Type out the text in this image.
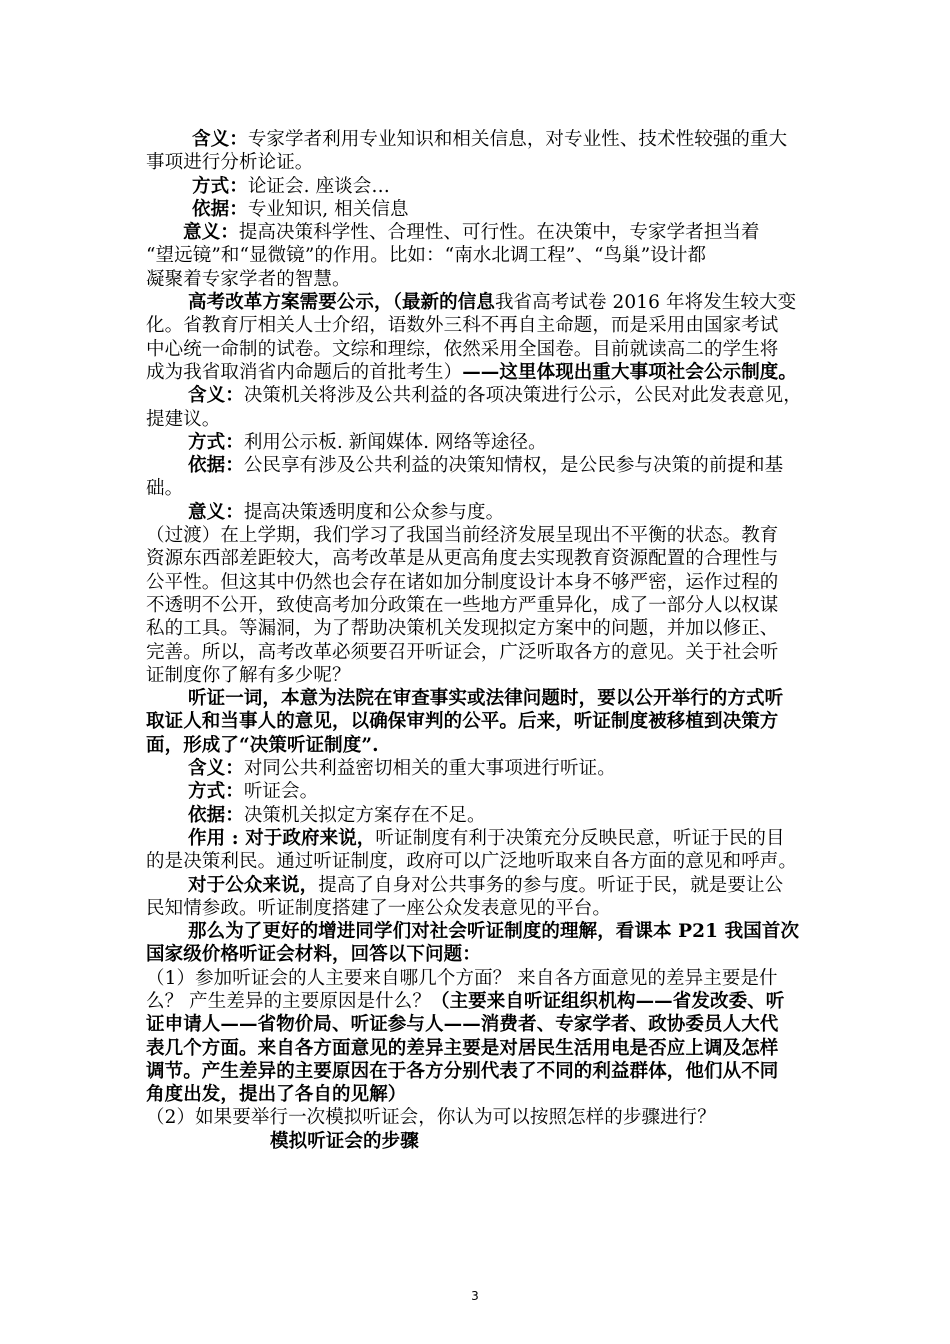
含义：专家学者利用专业知识和相关信息，对专业性、技术性较强的重大
事项进行分析论证。
方式：论证会. 座谈会…
依据：专业知识, 相关信息
意义：提高决策科学性、合理性、可行性。在决策中，专家学者担当着
“望远镜”和“显微镜”的作用。比如：“南水北调工程”、“鸟巢”设计都
凝聚着专家学者的智慧。
高考改革方案需要公示，（最新的信息我省高考试卷 2016 年将发生较大变
化。省教育厅相关人士介绍，语数外三科不再自主命题，而是采用由国家考试
中心统一命制的试卷。文综和理综，依然采用全国卷。目前就读高二的学生将
成为我省取消省内命题后的首批考生）——这里体现出重大事项社会公示制度。
含义：决策机关将涉及公共利益的各项决策进行公示，公民对此发表意见，
提建议。
方式：利用公示板. 新闻媒体. 网络等途径。
依据：公民享有涉及公共利益的决策知情权，是公民参与决策的前提和基
础。
意义：提高决策透明度和公众参与度。
（过渡）在上学期，我们学习了我国当前经济发展呈现出不平衡的状态。教育
资源东西部差距较大，高考改革是从更高角度去实现教育资源配置的合理性与
公平性。但这其中仍然也会存在诸如加分制度设计本身不够严密，运作过程的
不透明不公开，致使高考加分政策在一些地方严重异化，成了一部分人以权谋
私的工具。等漏洞，为了帮助决策机关发现拟定方案中的问题，并加以修正、
完善。所以，高考改革必须要召开听证会，广泛听取各方的意见。关于社会听
证制度你了解有多少呢？
听证一词，本意为法院在审查事实或法律问题时，要以公开举行的方式听
取证人和当事人的意见，以确保审判的公平。后来，听证制度被移植到决策方
面，形成了“决策听证制度”.
含义：对同公共利益密切相关的重大事项进行听证。
方式：听证会。
依据：决策机关拟定方案存在不足。
作用 : 对于政府来说，听证制度有利于决策充分反映民意，听证于民的目
的是决策利民。通过听证制度，政府可以广泛地听取来自各方面的意见和呼声。
对于公众来说，提高了自身对公共事务的参与度。听证于民，就是要让公
民知情参政。听证制度搭建了一座公众发表意见的平台。
那么为了更好的增进同学们对社会听证制度的理解，看课本 P21 我国首次
国家级价格听证会材料，回答以下问题：
（1）参加听证会的人主要来自哪几个方面？ 来自各方面意见的差异主要是什
么？ 产生差异的主要原因是什么？（主要来自听证组织机构——省发改委、听
证申请人——省物价局、听证参与人——消费者、专家学者、政协委员人大代
表几个方面。来自各方面意见的差异主要是对居民生活用电是否应上调及怎样
调节。产生差异的主要原因在于各方分别代表了不同的利益群体，他们从不同
角度出发，提出了各自的见解）
（2）如果要举行一次模拟听证会，你认为可以按照怎样的步骤进行？
模拟听证会的步骤
3
